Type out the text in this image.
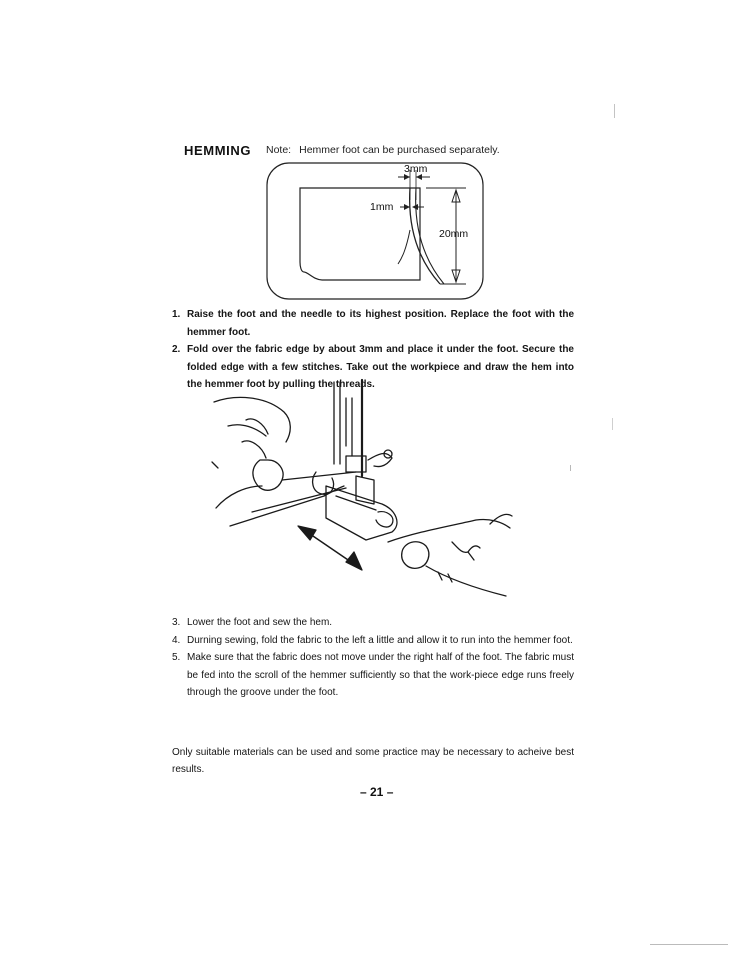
HEMMING Note: Hemmer foot can be purchased separately.
3mm
1mm
20mm
1. Raise the foot and the needle to its highest position. Replace the foot with the hemmer foot.
2. Fold over the fabric edge by about 3mm and place it under the foot. Secure the folded edge with a few stitches. Take out the workpiece and draw the hem into the hemmer foot by pulling the threads.
3. Lower the foot and sew the hem.
4. Durning sewing, fold the fabric to the left a little and allow it to run into the hemmer foot.
5. Make sure that the fabric does not move under the right half of the foot. The fabric must be fed into the scroll of the hemmer sufficiently so that the work-piece edge runs freely through the groove under the foot.

Only suitable materials can be used and some practice may be necessary to acheive best results.

– 21 –
